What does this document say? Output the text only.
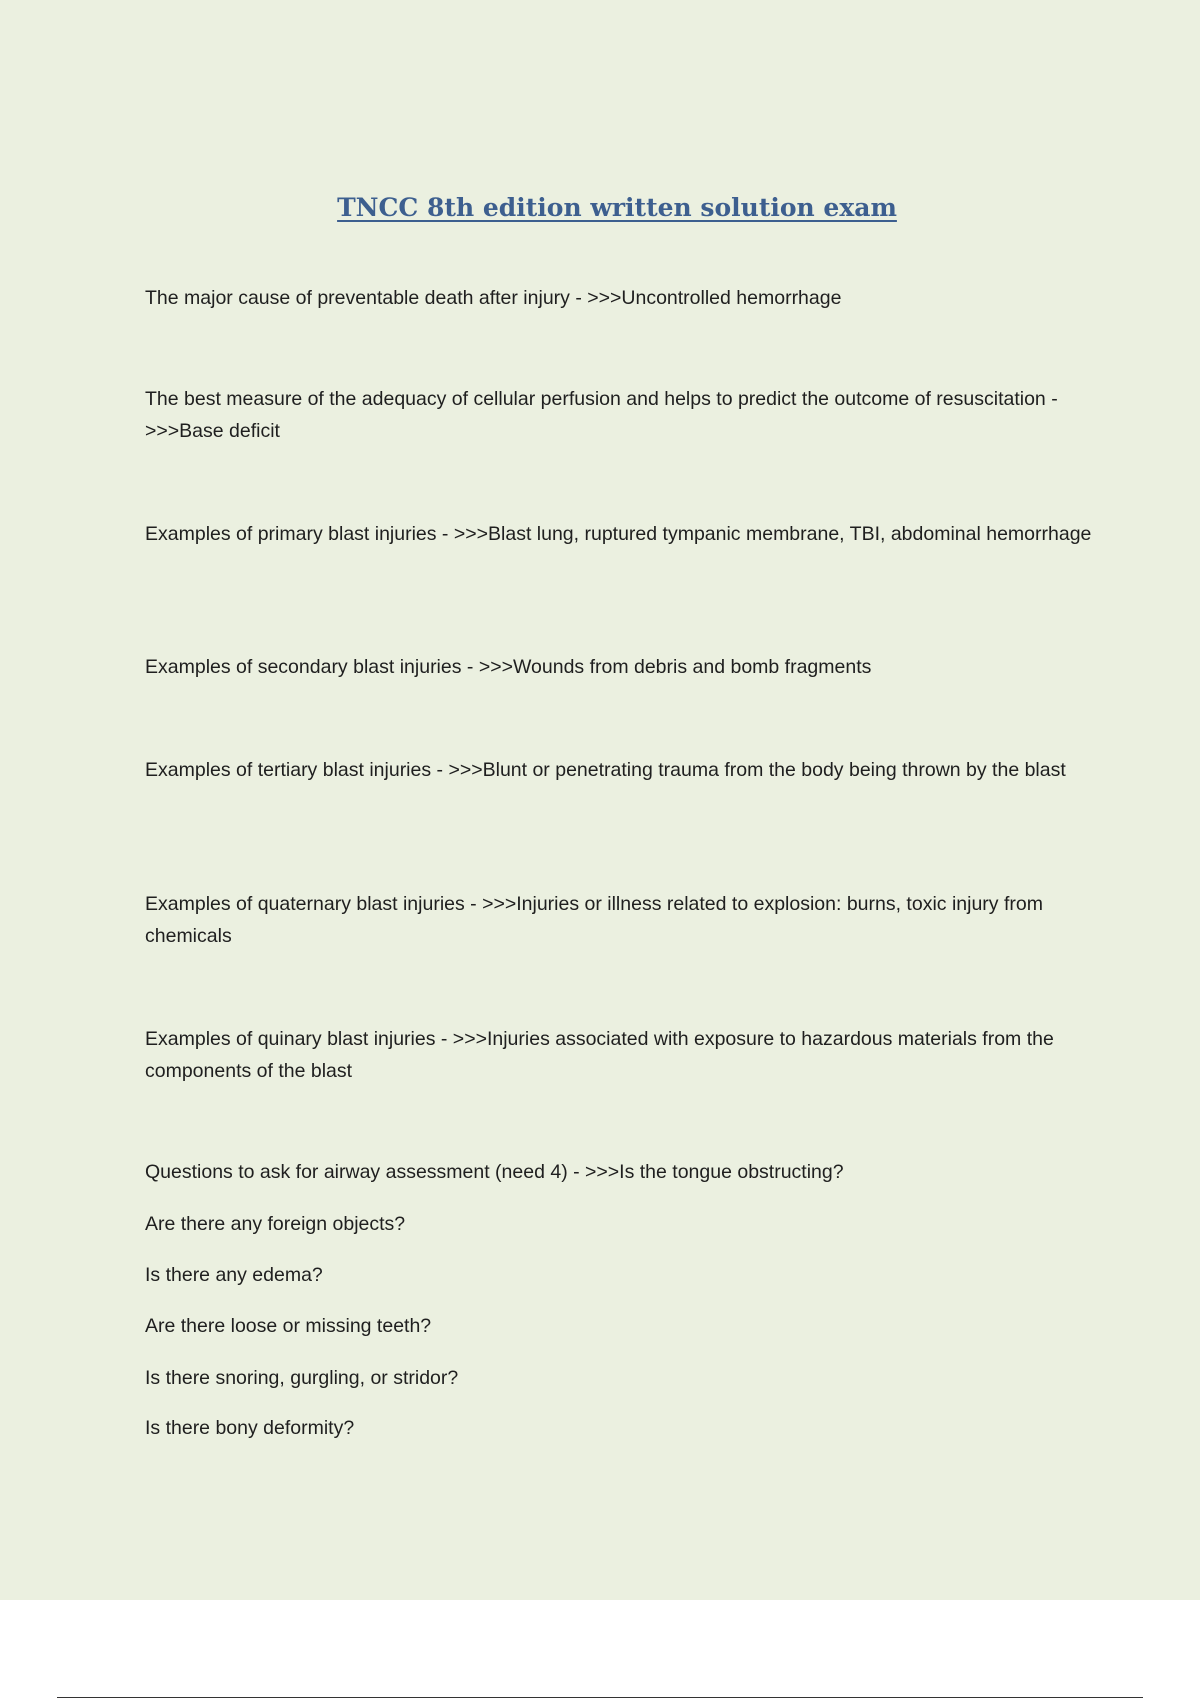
TNCC 8th edition written solution exam

The major cause of preventable death after injury - >>>Uncontrolled hemorrhage

The best measure of the adequacy of cellular perfusion and helps to predict the outcome of resuscitation - >>>Base deficit

Examples of primary blast injuries - >>>Blast lung, ruptured tympanic membrane, TBI, abdominal hemorrhage

Examples of secondary blast injuries - >>>Wounds from debris and bomb fragments

Examples of tertiary blast injuries - >>>Blunt or penetrating trauma from the body being thrown by the blast

Examples of quaternary blast injuries - >>>Injuries or illness related to explosion: burns, toxic injury from chemicals

Examples of quinary blast injuries - >>>Injuries associated with exposure to hazardous materials from the components of the blast

Questions to ask for airway assessment (need 4) - >>>Is the tongue obstructing?

Are there any foreign objects?

Is there any edema?

Are there loose or missing teeth?

Is there snoring, gurgling, or stridor?

Is there bony deformity?
